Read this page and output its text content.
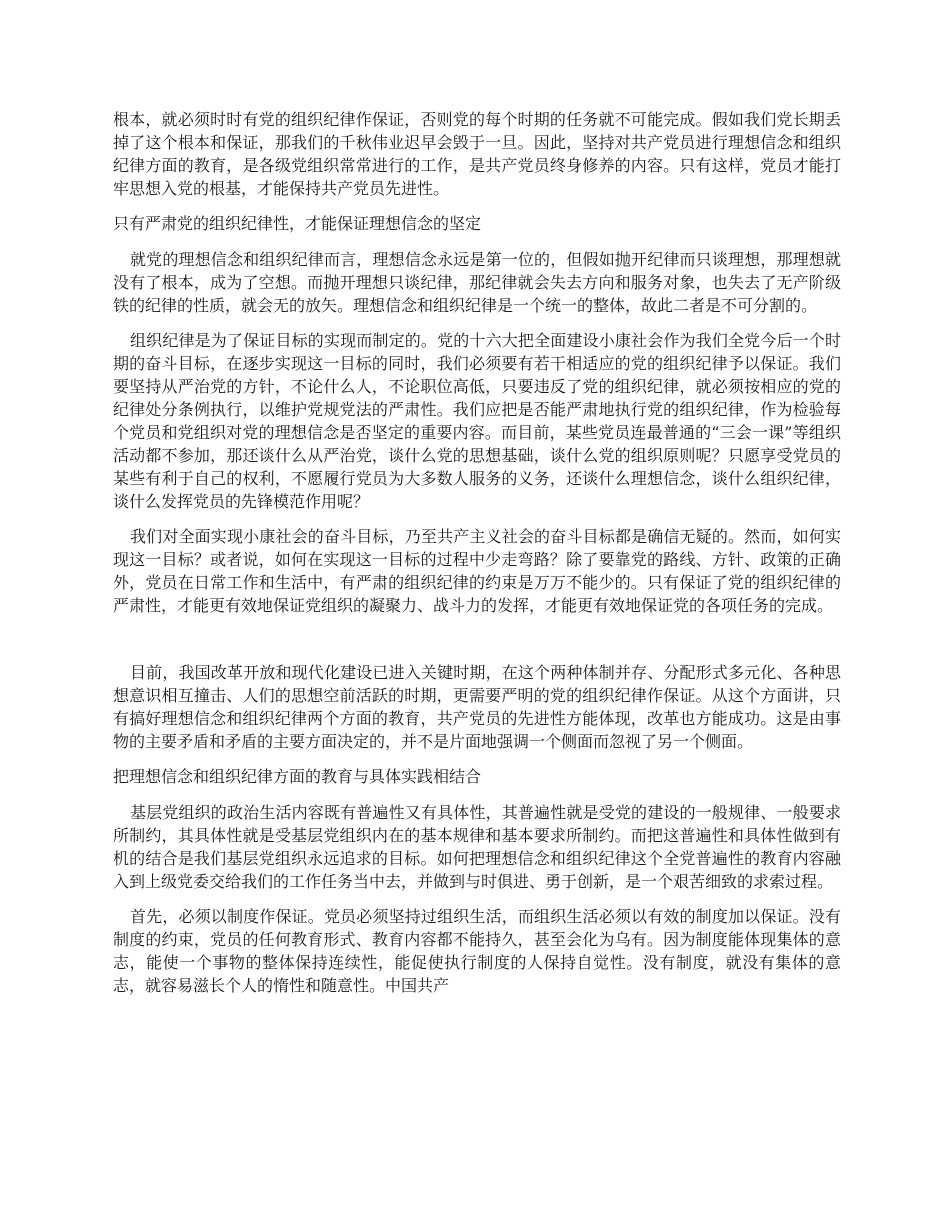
根本，就必须时时有党的组织纪律作保证，否则党的每个时期的任务就不可能完成。假如我们党长期丢掉了这个根本和保证，那我们的千秋伟业迟早会毁于一旦。因此，坚持对共产党员进行理想信念和组织纪律方面的教育，是各级党组织常常进行的工作，是共产党员终身修养的内容。只有这样，党员才能打牢思想入党的根基，才能保持共产党员先进性。

只有严肃党的组织纪律性，才能保证理想信念的坚定

就党的理想信念和组织纪律而言，理想信念永远是第一位的，但假如抛开纪律而只谈理想，那理想就没有了根本，成为了空想。而抛开理想只谈纪律，那纪律就会失去方向和服务对象，也失去了无产阶级铁的纪律的性质，就会无的放矢。理想信念和组织纪律是一个统一的整体，故此二者是不可分割的。

组织纪律是为了保证目标的实现而制定的。党的十六大把全面建设小康社会作为我们全党今后一个时期的奋斗目标，在逐步实现这一目标的同时，我们必须要有若干相适应的党的组织纪律予以保证。我们要坚持从严治党的方针，不论什么人，不论职位高低，只要违反了党的组织纪律，就必须按相应的党的纪律处分条例执行，以维护党规党法的严肃性。我们应把是否能严肃地执行党的组织纪律，作为检验每个党员和党组织对党的理想信念是否坚定的重要内容。而目前，某些党员连最普通的“三会一课”等组织活动都不参加，那还谈什么从严治党，谈什么党的思想基础，谈什么党的组织原则呢？只愿享受党员的某些有利于自己的权利，不愿履行党员为大多数人服务的义务，还谈什么理想信念，谈什么组织纪律，谈什么发挥党员的先锋模范作用呢？

我们对全面实现小康社会的奋斗目标，乃至共产主义社会的奋斗目标都是确信无疑的。然而，如何实现这一目标？或者说，如何在实现这一目标的过程中少走弯路？除了要靠党的路线、方针、政策的正确外，党员在日常工作和生活中，有严肃的组织纪律的约束是万万不能少的。只有保证了党的组织纪律的严肃性，才能更有效地保证党组织的凝聚力、战斗力的发挥，才能更有效地保证党的各项任务的完成。

目前，我国改革开放和现代化建设已进入关键时期，在这个两种体制并存、分配形式多元化、各种思想意识相互撞击、人们的思想空前活跃的时期，更需要严明的党的组织纪律作保证。从这个方面讲，只有搞好理想信念和组织纪律两个方面的教育，共产党员的先进性方能体现，改革也方能成功。这是由事物的主要矛盾和矛盾的主要方面决定的，并不是片面地强调一个侧面而忽视了另一个侧面。

把理想信念和组织纪律方面的教育与具体实践相结合

基层党组织的政治生活内容既有普遍性又有具体性，其普遍性就是受党的建设的一般规律、一般要求所制约，其具体性就是受基层党组织内在的基本规律和基本要求所制约。而把这普遍性和具体性做到有机的结合是我们基层党组织永远追求的目标。如何把理想信念和组织纪律这个全党普遍性的教育内容融入到上级党委交给我们的工作任务当中去，并做到与时俱进、勇于创新，是一个艰苦细致的求索过程。

首先，必须以制度作保证。党员必须坚持过组织生活，而组织生活必须以有效的制度加以保证。没有制度的约束，党员的任何教育形式、教育内容都不能持久，甚至会化为乌有。因为制度能体现集体的意志，能使一个事物的整体保持连续性，能促使执行制度的人保持自觉性。没有制度，就没有集体的意志，就容易滋长个人的惰性和随意性。中国共产
